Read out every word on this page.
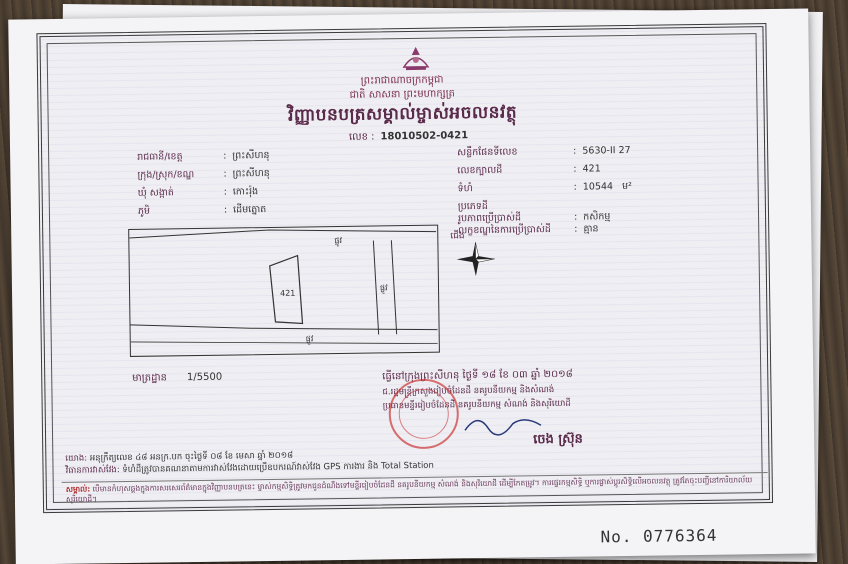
ព្រះរាជាណាចក្រកម្ពុជា
ជាតិ សាសនា ព្រះមហាក្សត្រ
វិញ្ញាបនបត្រសម្គាល់ម្ចាស់អចលនវត្ថុ
លេខ : 18010502-0421
រាជធានី/ខេត្ត	: ព្រះសីហនុ
ក្រុង/ស្រុក/ខណ្ឌ	: ព្រះសីហនុ
ឃុំ សង្កាត់	: កោះរ៉ុង
ភូមិ	: ដើមត្នោត
សន្លឹកផែនទីលេខ	: 5630-II 27
លេខក្បាលដី	: 421
ទំហំ	: 10544 ម²
ប្រភេទដី
រូបភាពប្រើប្រាស់ដី	: កសិកម្ម
លក្ខខណ្ឌនៃការប្រើប្រាស់ដី : គ្មាន
421
ផ្លូវ
ផ្លូវ
ផ្លូវ
ជើង
មាត្រដ្ឋាន 1/5500	ធ្វើនៅក្រុងព្រះសីហនុ ថ្ងៃទី ១៨ ខែ ០៣ ឆ្នាំ ២០១៨
ជ.រដ្ឋមន្ត្រីក្រសួងរៀបចំដែនដី នគរូបនីយកម្ម និងសំណង់
ប្រធានមន្ទីររៀបចំដែនដី នគរូបនីយកម្ម សំណង់ និងសុរិយោដី
ចេង ស្រ៊ុន
យោង: អនុក្រឹត្យលេខ ៤៨ អនក្រ.បក ចុះថ្ងៃទី ០៨ ខែ មេសា ឆ្នាំ ២០១៨
វិធានការវាស់វែង: ទំហំដីត្រូវបានគណនាតាមការវាស់វែងដោយប្រើឧបករណ៍វាស់វែង GPS ការងារ និង Total Station
សម្គាល់: បើមានកំហុសឆ្គងក្នុងការសរសេរព័ត៌មានក្នុងវិញ្ញាបនបត្រនេះ ម្ចាស់កម្មសិទ្ធិត្រូវមកជូនដំណឹងទៅមន្ទីររៀបចំដែនដី នគរូបនីយកម្ម សំណង់ និងសុរិយោដី ដើម្បីកែតម្រូវ។ ការផ្ទេរកម្មសិទ្ធិ ឬការផ្លាស់ប្តូរសិទ្ធិលើអចលនវត្ថុ ត្រូវតែចុះបញ្ជីនៅការិយាល័យសុរិយោដី។
No. 0776364
